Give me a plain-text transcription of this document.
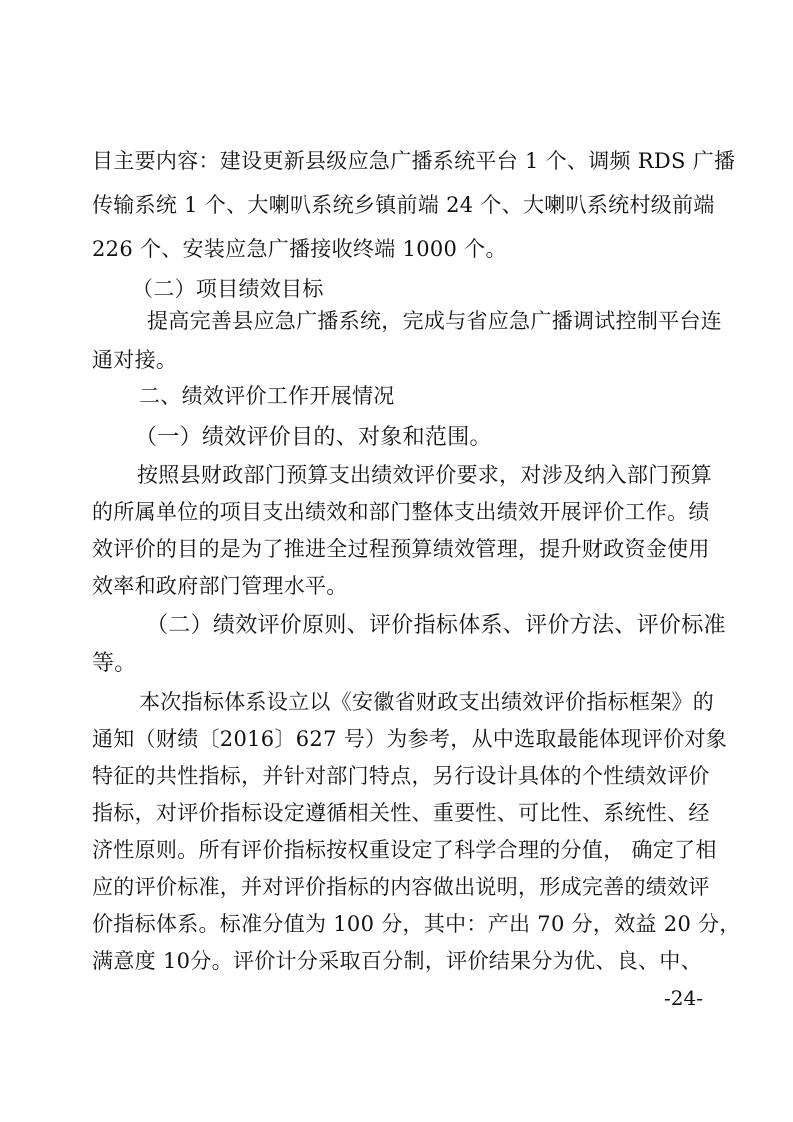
目主要内容：建设更新县级应急广播系统平台 1 个、调频 RDS 广播
传输系统 1 个、大喇叭系统乡镇前端 24 个、大喇叭系统村级前端
226 个、安装应急广播接收终端 1000 个。
（二）项目绩效目标
提高完善县应急广播系统，完成与省应急广播调试控制平台连
通对接。
二、绩效评价工作开展情况
（一）绩效评价目的、对象和范围。
按照县财政部门预算支出绩效评价要求，对涉及纳入部门预算
的所属单位的项目支出绩效和部门整体支出绩效开展评价工作。绩
效评价的目的是为了推进全过程预算绩效管理，提升财政资金使用
效率和政府部门管理水平。
（二）绩效评价原则、评价指标体系、评价方法、评价标准
等。
本次指标体系设立以《安徽省财政支出绩效评价指标框架》的
通知（财绩〔2016〕627 号）为参考，从中选取最能体现评价对象
特征的共性指标，并针对部门特点，另行设计具体的个性绩效评价
指标，对评价指标设定遵循相关性、重要性、可比性、系统性、经
济性原则。所有评价指标按权重设定了科学合理的分值， 确定了相
应的评价标准，并对评价指标的内容做出说明，形成完善的绩效评
价指标体系。标准分值为 100 分，其中：产出 70 分，效益 20 分，
满意度 10分。评价计分采取百分制，评价结果分为优、良、中、
-24-
